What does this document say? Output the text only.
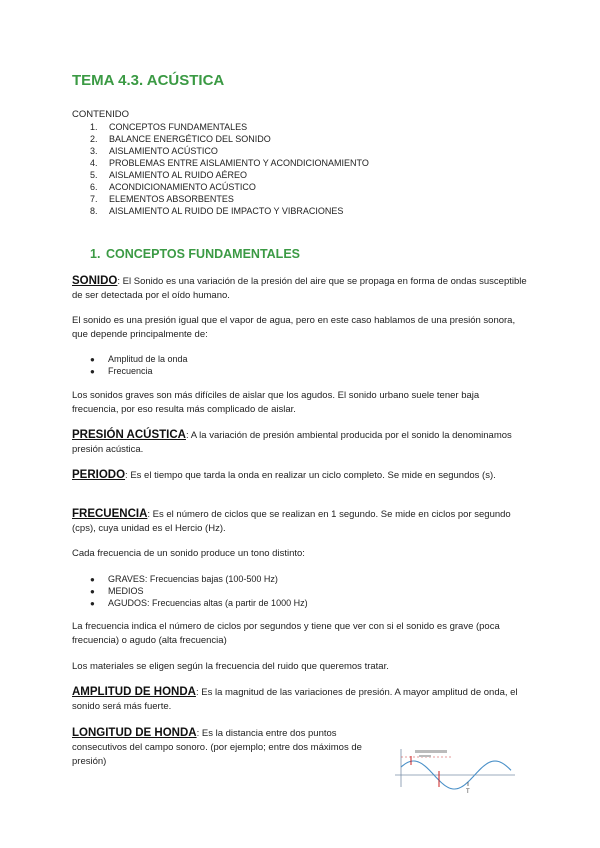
TEMA 4.3. ACÚSTICA
CONTENIDO
1. CONCEPTOS FUNDAMENTALES
2. BALANCE ENERGÉTICO DEL SONIDO
3. AISLAMIENTO ACÚSTICO
4. PROBLEMAS ENTRE AISLAMIENTO Y ACONDICIONAMIENTO
5. AISLAMIENTO AL RUIDO AÉREO
6. ACONDICIONAMIENTO ACÚSTICO
7. ELEMENTOS ABSORBENTES
8. AISLAMIENTO AL RUIDO DE IMPACTO Y VIBRACIONES
1. CONCEPTOS FUNDAMENTALES

SONIDO: El Sonido es una variación de la presión del aire que se propaga en forma de ondas susceptible de ser detectada por el oído humano.

El sonido es una presión igual que el vapor de agua, pero en este caso hablamos de una presión sonora, que depende principalmente de:

● Amplitud de la onda
● Frecuencia

Los sonidos graves son más difíciles de aislar que los agudos. El sonido urbano suele tener baja frecuencia, por eso resulta más complicado de aislar.

PRESIÓN ACÚSTICA: A la variación de presión ambiental producida por el sonido la denominamos presión acústica.

PERIODO: Es el tiempo que tarda la onda en realizar un ciclo completo. Se mide en segundos (s).

FRECUENCIA: Es el número de ciclos que se realizan en 1 segundo. Se mide en ciclos por segundo (cps), cuya unidad es el Hercio (Hz).

Cada frecuencia de un sonido produce un tono distinto:

● GRAVES: Frecuencias bajas (100-500 Hz)
● MEDIOS
● AGUDOS: Frecuencias altas (a partir de 1000 Hz)

La frecuencia indica el número de ciclos por segundos y tiene que ver con si el sonido es grave (poca frecuencia) o agudo (alta frecuencia)

Los materiales se eligen según la frecuencia del ruido que queremos tratar.

AMPLITUD DE HONDA: Es la magnitud de las variaciones de presión. A mayor amplitud de onda, el sonido será más fuerte.

LONGITUD DE HONDA: Es la distancia entre dos puntos consecutivos del campo sonoro. (por ejemplo; entre dos máximos de presión)

T
